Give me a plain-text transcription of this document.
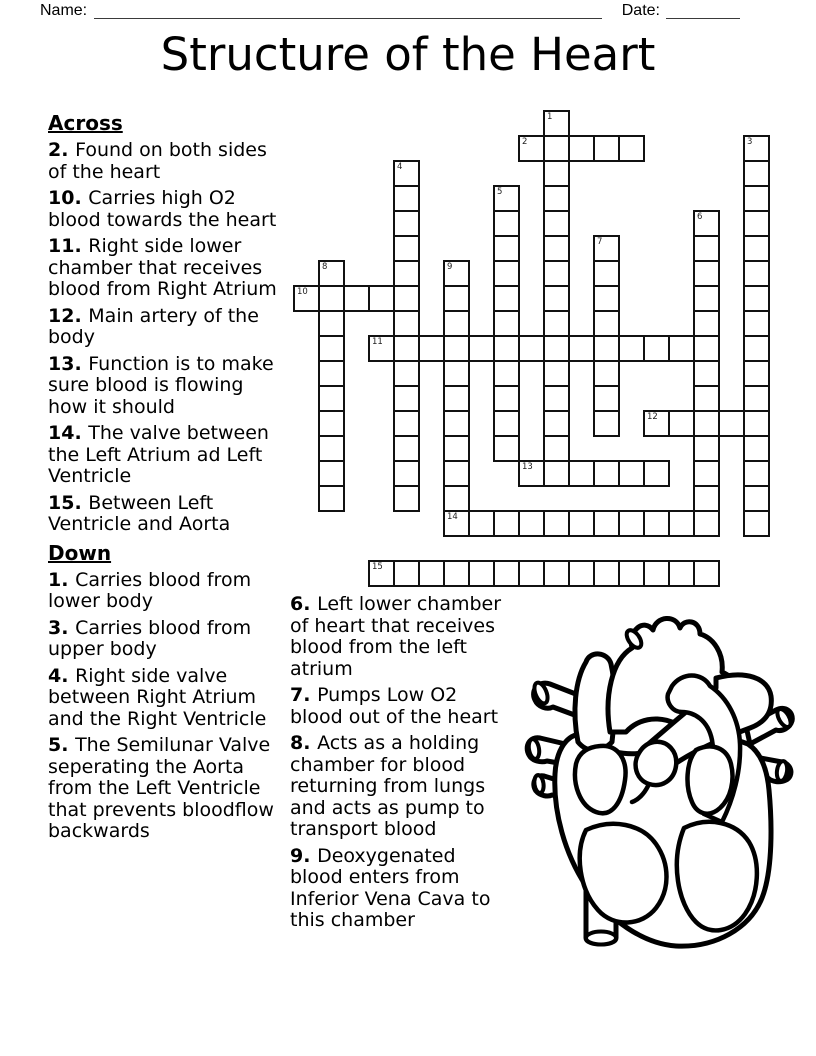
Name:	Date:
Structure of the Heart
Across

2. Found on both sides of the heart

10. Carries high O2 blood towards the heart

11. Right side lower chamber that receives blood from Right Atrium

12. Main artery of the body

13. Function is to make sure blood is flowing how it should

14. The valve between the Left Atrium ad Left Ventricle

15. Between Left Ventricle and Aorta

Down

1. Carries blood from lower body

3. Carries blood from upper body

4. Right side valve between Right Atrium and the Right Ventricle

5. The Semilunar Valve seperating the Aorta from the Left Ventricle that prevents bloodflow backwards

6. Left lower chamber of heart that receives blood from the left atrium

7. Pumps Low O2 blood out of the heart

8. Acts as a holding chamber for blood returning from lungs and acts as pump to transport blood

9. Deoxygenated blood enters from Inferior Vena Cava to this chamber

1
2	3
4
5
6
7
8	9
14
10
11
12
13
15
